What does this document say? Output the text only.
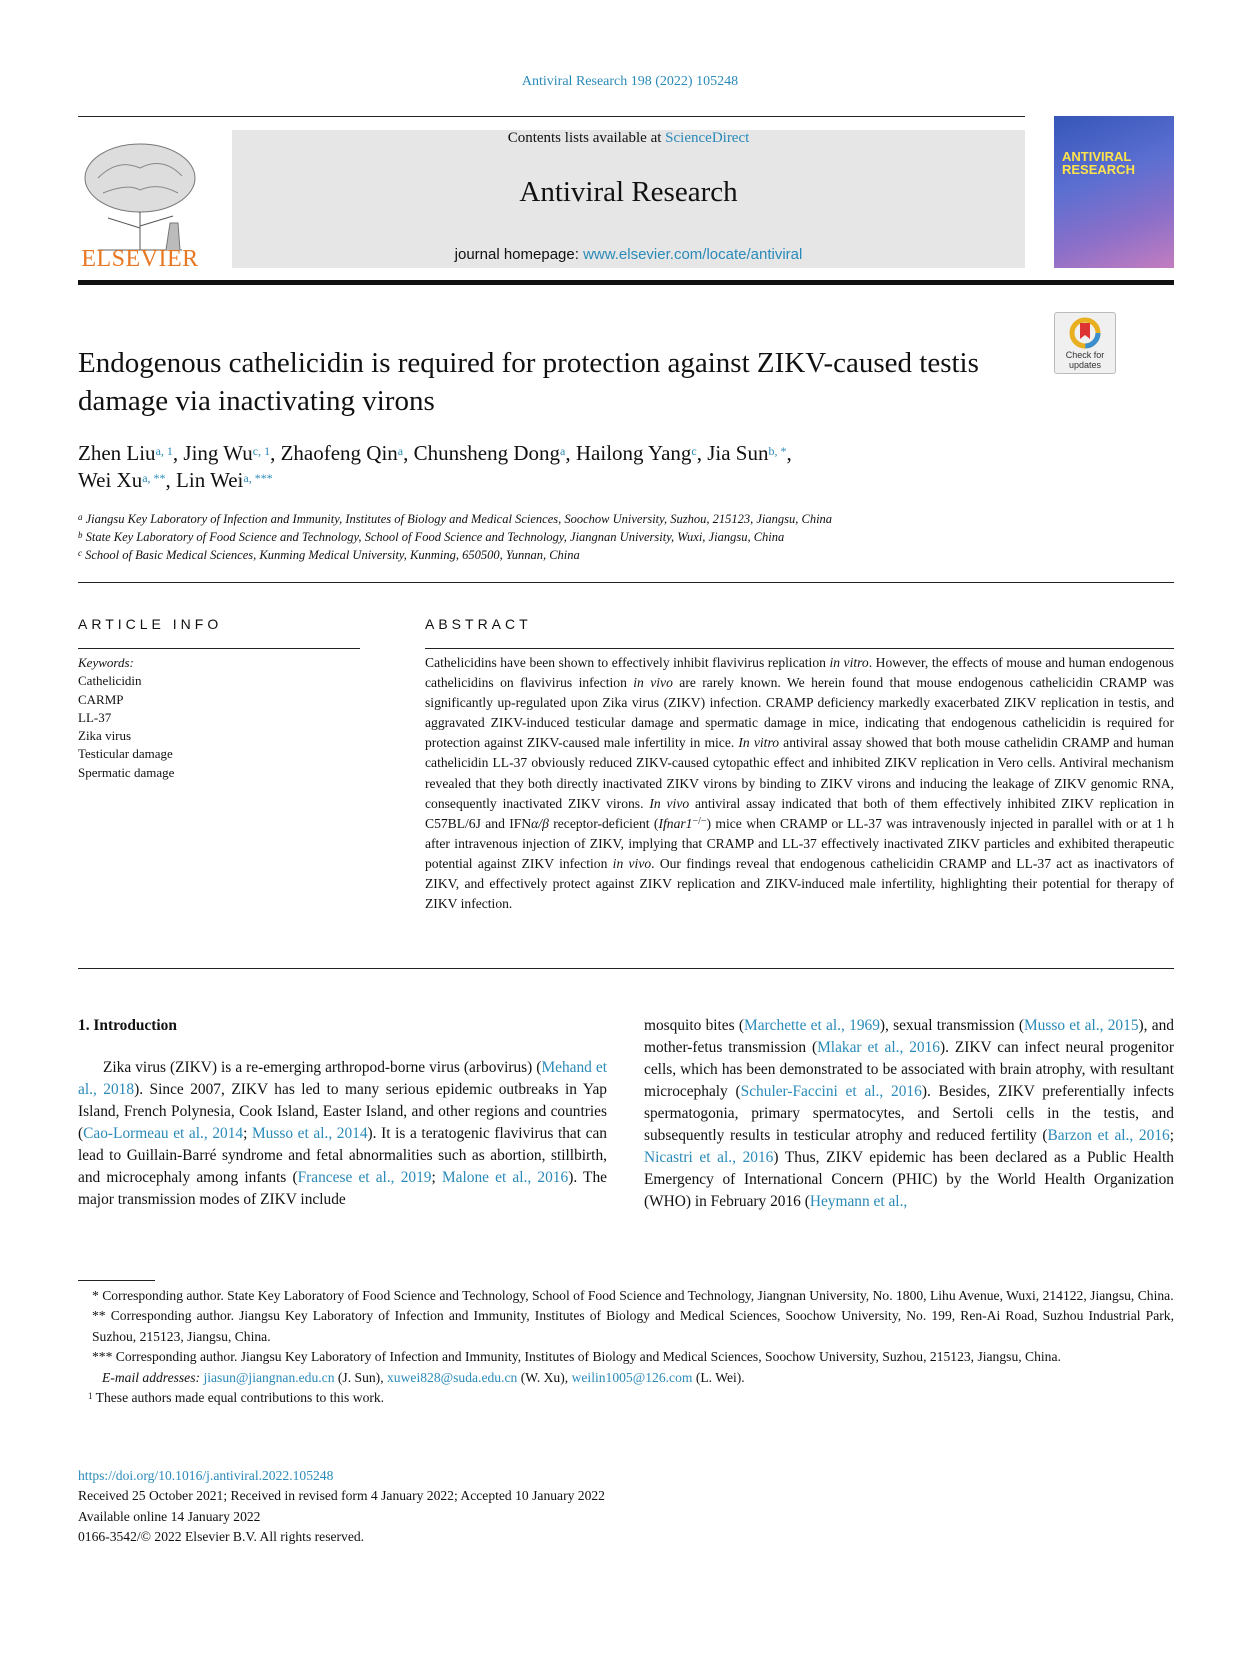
Antiviral Research 198 (2022) 105248
ELSEVIER
Contents lists available at ScienceDirect
Antiviral Research
journal homepage: www.elsevier.com/locate/antiviral
ANTIVIRAL
RESEARCH
Check for updates
Endogenous cathelicidin is required for protection against ZIKV-caused testis damage via inactivating virons
Zhen Liu$^{a, 1}$, Jing Wu$^{c, 1}$, Zhaofeng Qin$^a$, Chunsheng Dong$^a$, Hailong Yang$^c$, Jia Sun$^{b, *}$,
Wei $Xu^{a, **}$, Lin Wei$^{a, ***}$
$^a$ Jiangsu Key Laboratory of Infection and Immunity, Institutes of Biology and Medical Sciences, Soochow University, Suzhou, 215123, Jiangsu, China
$^b$ State Key Laboratory of Food Science and Technology, School of Food Science and Technology, Jiangnan University, Wuxi, Jiangsu, China
$^c$ School of Basic Medical Sciences, Kunming Medical University, Kunming, 650500, Yunnan, China
ARTICLE INFO	ABSTRACT
Keywords:
Cathelicidin
CARMP
LL-37
Zika virus
Testicular damage
Spermatic damage
Cathelicidins have been shown to effectively inhibit flavivirus replication in vitro. However, the effects of mouse and human endogenous cathelicidins on flavivirus infection in vivo are rarely known. We herein found that mouse endogenous cathelicidin CRAMP was significantly up-regulated upon Zika virus (ZIKV) infection. CRAMP deficiency markedly exacerbated ZIKV replication in testis, and aggravated ZIKV-induced testicular damage and spermatic damage in mice, indicating that endogenous cathelicidin is required for protection against ZIKV-caused male infertility in mice. In vitro antiviral assay showed that both mouse cathelidin CRAMP and human cathelicidin LL-37 obviously reduced ZIKV-caused cytopathic effect and inhibited ZIKV replication in Vero cells. Antiviral mechanism revealed that they both directly inactivated ZIKV virons by binding to ZIKV virons and inducing the leakage of ZIKV genomic RNA, consequently inactivated ZIKV virons. In vivo antiviral assay indicated that both of them effectively inhibited ZIKV replication in C57BL/6J and IFNα/β receptor-deficient (Ifnar1−/−) mice when CRAMP or LL-37 was intravenously injected in parallel with or at 1 h after intravenous injection of ZIKV, implying that CRAMP and LL-37 effectively inactivated ZIKV particles and exhibited therapeutic potential against ZIKV infection in vivo. Our findings reveal that endogenous cathelicidin CRAMP and LL-37 act as inactivators of ZIKV, and effectively protect against ZIKV replication and ZIKV-induced male infertility, highlighting their potential for therapy of ZIKV infection.
1. Introduction

Zika virus (ZIKV) is a re-emerging arthropod-borne virus (arbovirus) (Mehand et al., 2018). Since 2007, ZIKV has led to many serious epidemic outbreaks in Yap Island, French Polynesia, Cook Island, Easter Island, and other regions and countries (Cao-Lormeau et al., 2014; Musso et al., 2014). It is a teratogenic flavivirus that can lead to Guillain-Barré syndrome and fetal abnormalities such as abortion, stillbirth, and microcephaly among infants (Francese et al., 2019; Malone et al., 2016). The major transmission modes of ZIKV include

mosquito bites (Marchette et al., 1969), sexual transmission (Musso et al., 2015), and mother-fetus transmission (Mlakar et al., 2016). ZIKV can infect neural progenitor cells, which has been demonstrated to be associated with brain atrophy, with resultant microcephaly (Schuler-Faccini et al., 2016). Besides, ZIKV preferentially infects spermatogonia, primary spermatocytes, and Sertoli cells in the testis, and subsequently results in testicular atrophy and reduced fertility (Barzon et al., 2016; Nicastri et al., 2016) Thus, ZIKV epidemic has been declared as a Public Health Emergency of International Concern (PHIC) by the World Health Organization (WHO) in February 2016 (Heymann et al.,

* Corresponding author. State Key Laboratory of Food Science and Technology, School of Food Science and Technology, Jiangnan University, No. 1800, Lihu Avenue, Wuxi, 214122, Jiangsu, China.

** Corresponding author. Jiangsu Key Laboratory of Infection and Immunity, Institutes of Biology and Medical Sciences, Soochow University, No. 199, Ren-Ai Road, Suzhou Industrial Park, Suzhou, 215123, Jiangsu, China.

*** Corresponding author. Jiangsu Key Laboratory of Infection and Immunity, Institutes of Biology and Medical Sciences, Soochow University, Suzhou, 215123, Jiangsu, China.

E-mail addresses: jiasun@jiangnan.edu.cn (J. Sun), xuwei828@suda.edu.cn (W. Xu), weilin1005@126.com (L. Wei).

$^1$ These authors made equal contributions to this work.

https://doi.org/10.1016/j.antiviral.2022.105248
Received 25 October 2021; Received in revised form 4 January 2022; Accepted 10 January 2022
Available online 14 January 2022
0166-3542/© 2022 Elsevier B.V. All rights reserved.
